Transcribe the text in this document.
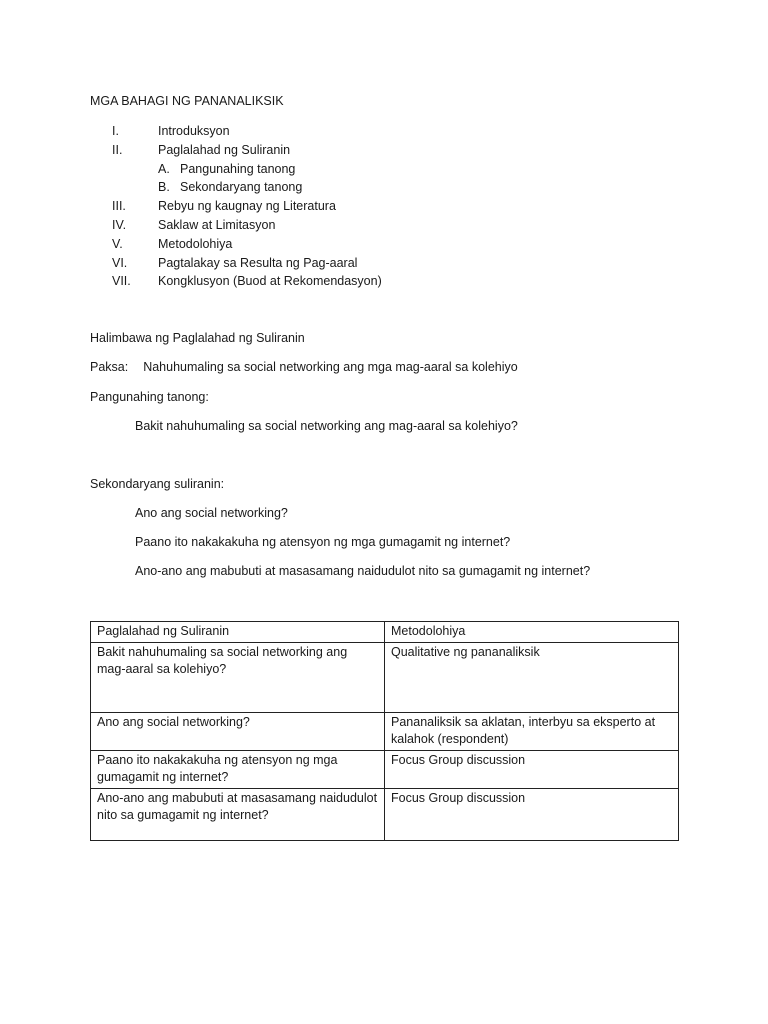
MGA BAHAGI NG PANANALIKSIK
I.	Introduksyon
II.	Paglalahad ng Suliranin
A. Pangunahing tanong
B. Sekondaryang tanong
III.	Rebyu ng kaugnay ng Literatura
IV.	Saklaw at Limitasyon
V.	Metodolohiya
VI. Pagtalakay sa Resulta ng Pag-aaral
VII. Kongklusyon (Buod at Rekomendasyon)
Halimbawa ng Paglalahad ng Suliranin
Paksa: Nahuhumaling sa social networking ang mga mag-aaral sa kolehiyo
Pangunahing tanong:
Bakit nahuhumaling sa social networking ang mag-aaral sa kolehiyo?
Sekondaryang suliranin:
Ano ang social networking?
Paano ito nakakakuha ng atensyon ng mga gumagamit ng internet?
Ano-ano ang mabubuti at masasamang naidudulot nito sa gumagamit ng internet?
Paglalahad ng Suliranin	Metodolohiya
Bakit nahuhumaling sa social networking ang mag-aaral sa kolehiyo?	Qualitative ng pananaliksik
Ano ang social networking?	Pananaliksik sa aklatan, interbyu sa eksperto at kalahok (respondent)
Paano ito nakakakuha ng atensyon ng mga gumagamit ng internet?	Focus Group discussion
Ano-ano ang mabubuti at masasamang naidudulot nito sa gumagamit ng internet?	Focus Group discussion
